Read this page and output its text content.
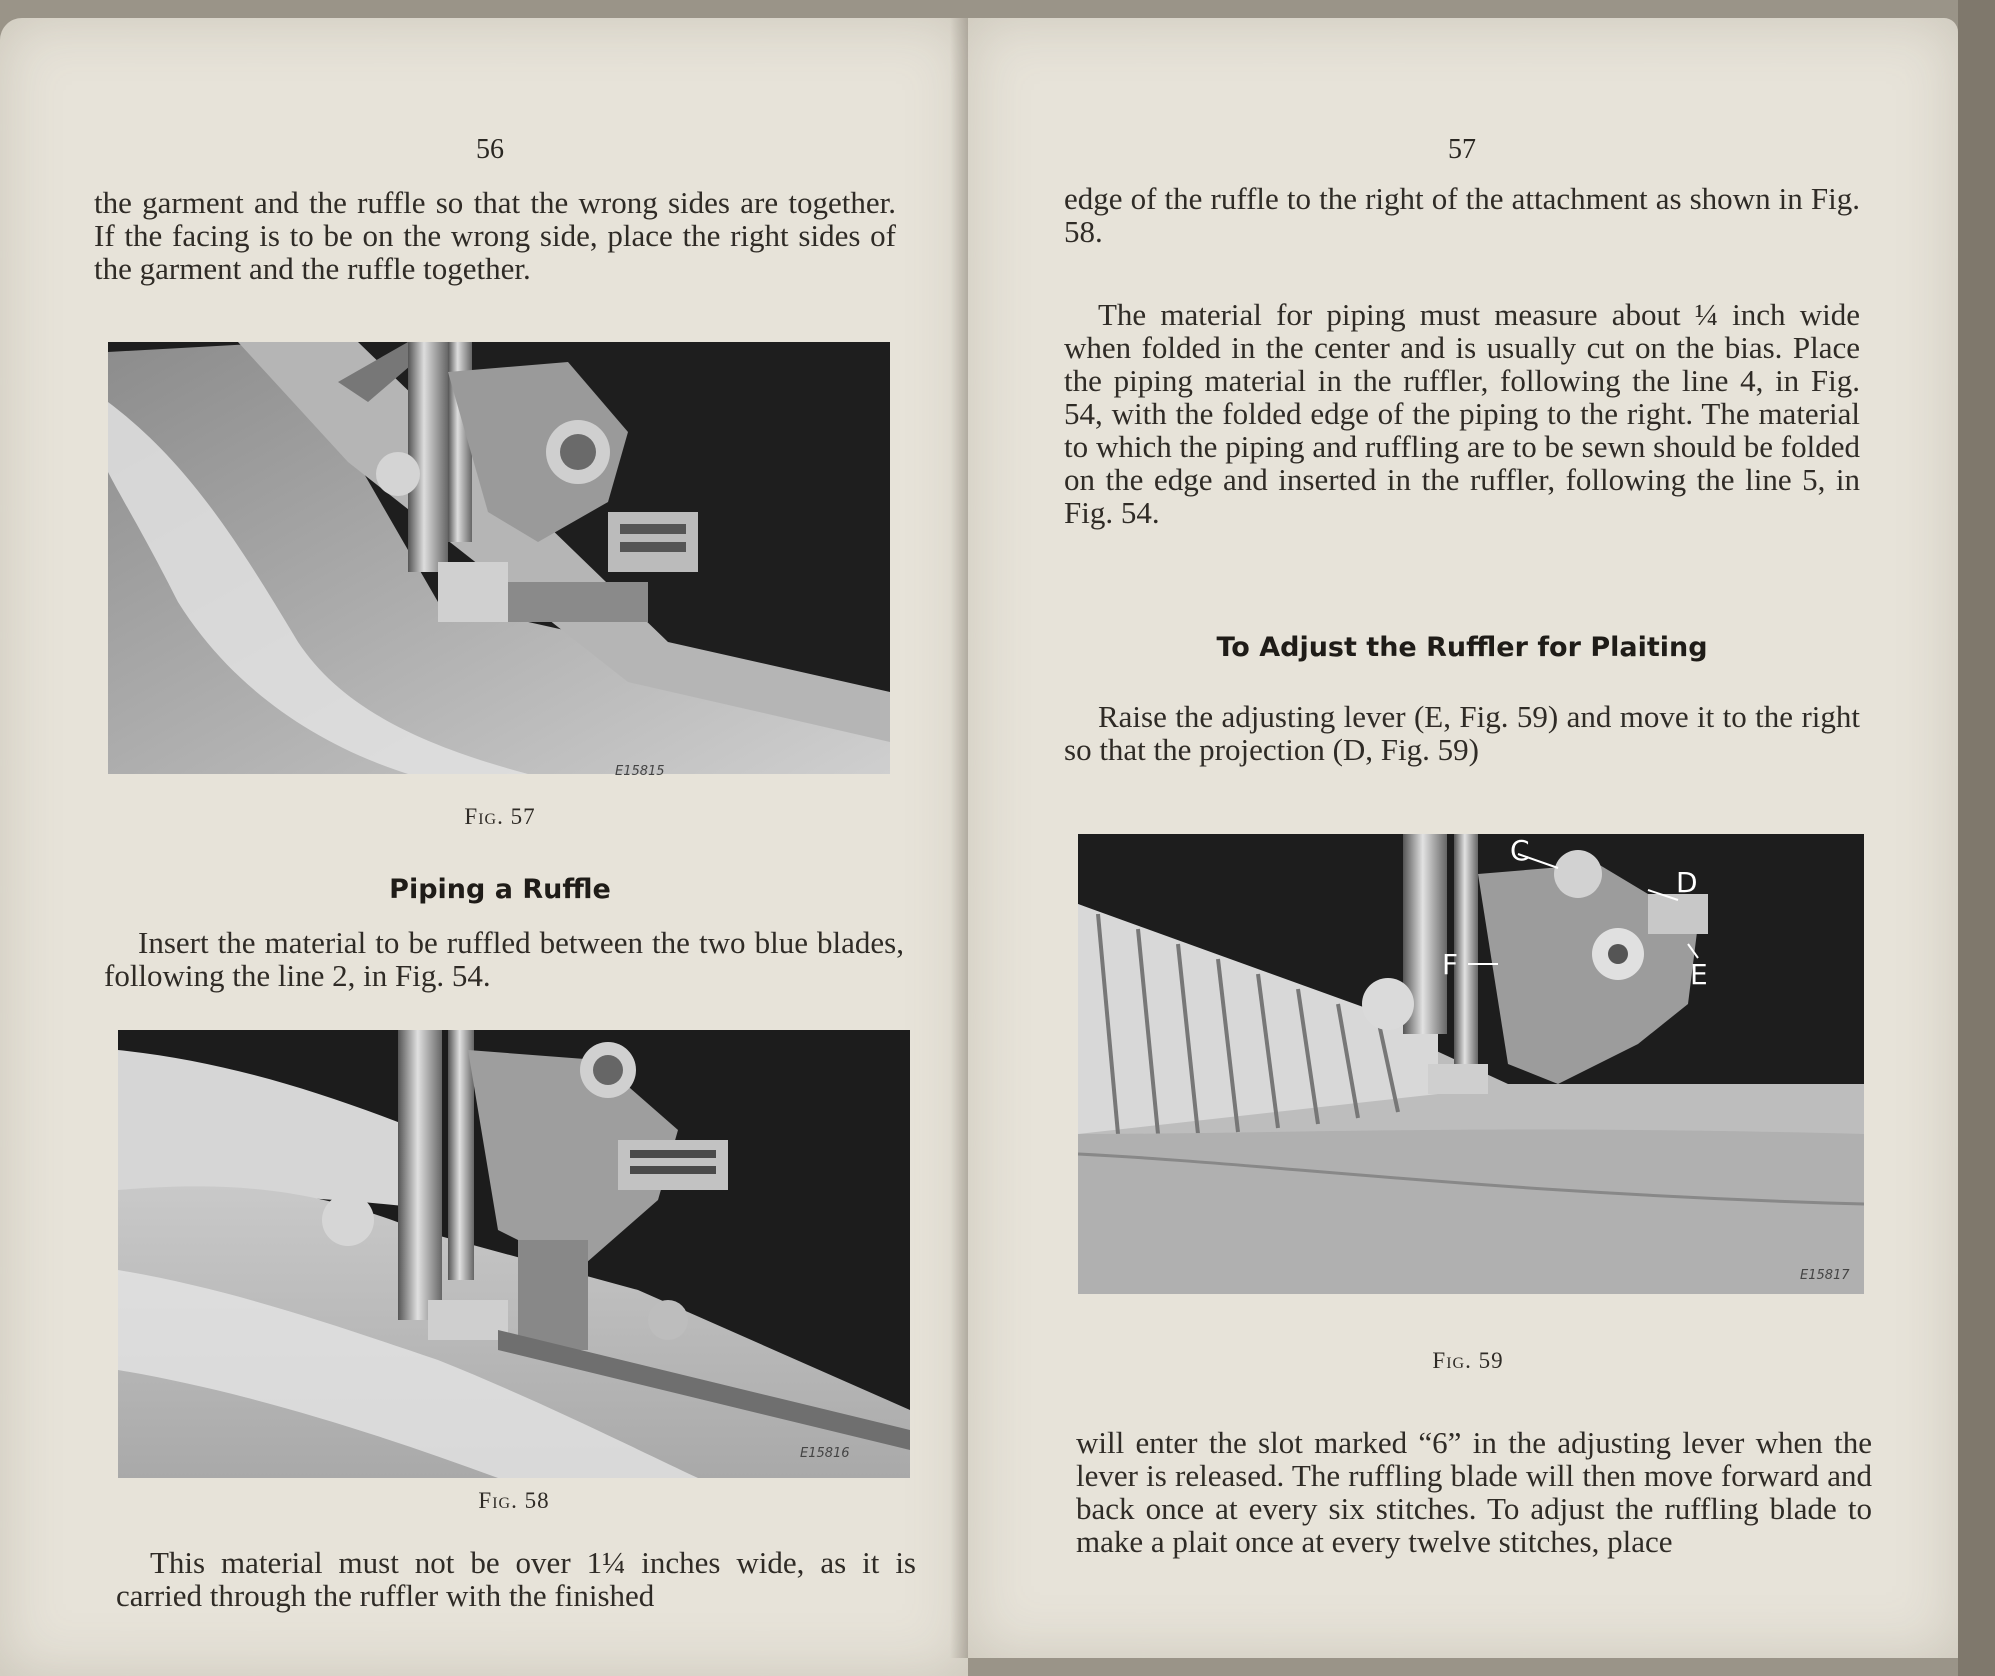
56

the garment and the ruffle so that the wrong sides are together. If the facing is to be on the wrong side, place the right sides of the garment and the ruffle together.

E15815
Fig. 57
Piping a Ruffle

Insert the material to be ruffled between the two blue blades, following the line 2, in Fig. 54.

E15816
Fig. 58

This material must not be over 1¼ inches wide, as it is carried through the ruffler with the finished

57

edge of the ruffle to the right of the attachment as shown in Fig. 58.

The material for piping must measure about ¼ inch wide when folded in the center and is usually cut on the bias. Place the piping material in the ruffler, following the line 4, in Fig. 54, with the folded edge of the piping to the right. The material to which the piping and ruffling are to be sewn should be folded on the edge and inserted in the ruffler, following the line 5, in Fig. 54.

To Adjust the Ruffler for Plaiting

Raise the adjusting lever (E, Fig. 59) and move it to the right so that the projection (D, Fig. 59)

C
D
E
F
E15817
Fig. 59

will enter the slot marked “6” in the adjusting lever when the lever is released. The ruffling blade will then move forward and back once at every six stitches. To adjust the ruffling blade to make a plait once at every twelve stitches, place
